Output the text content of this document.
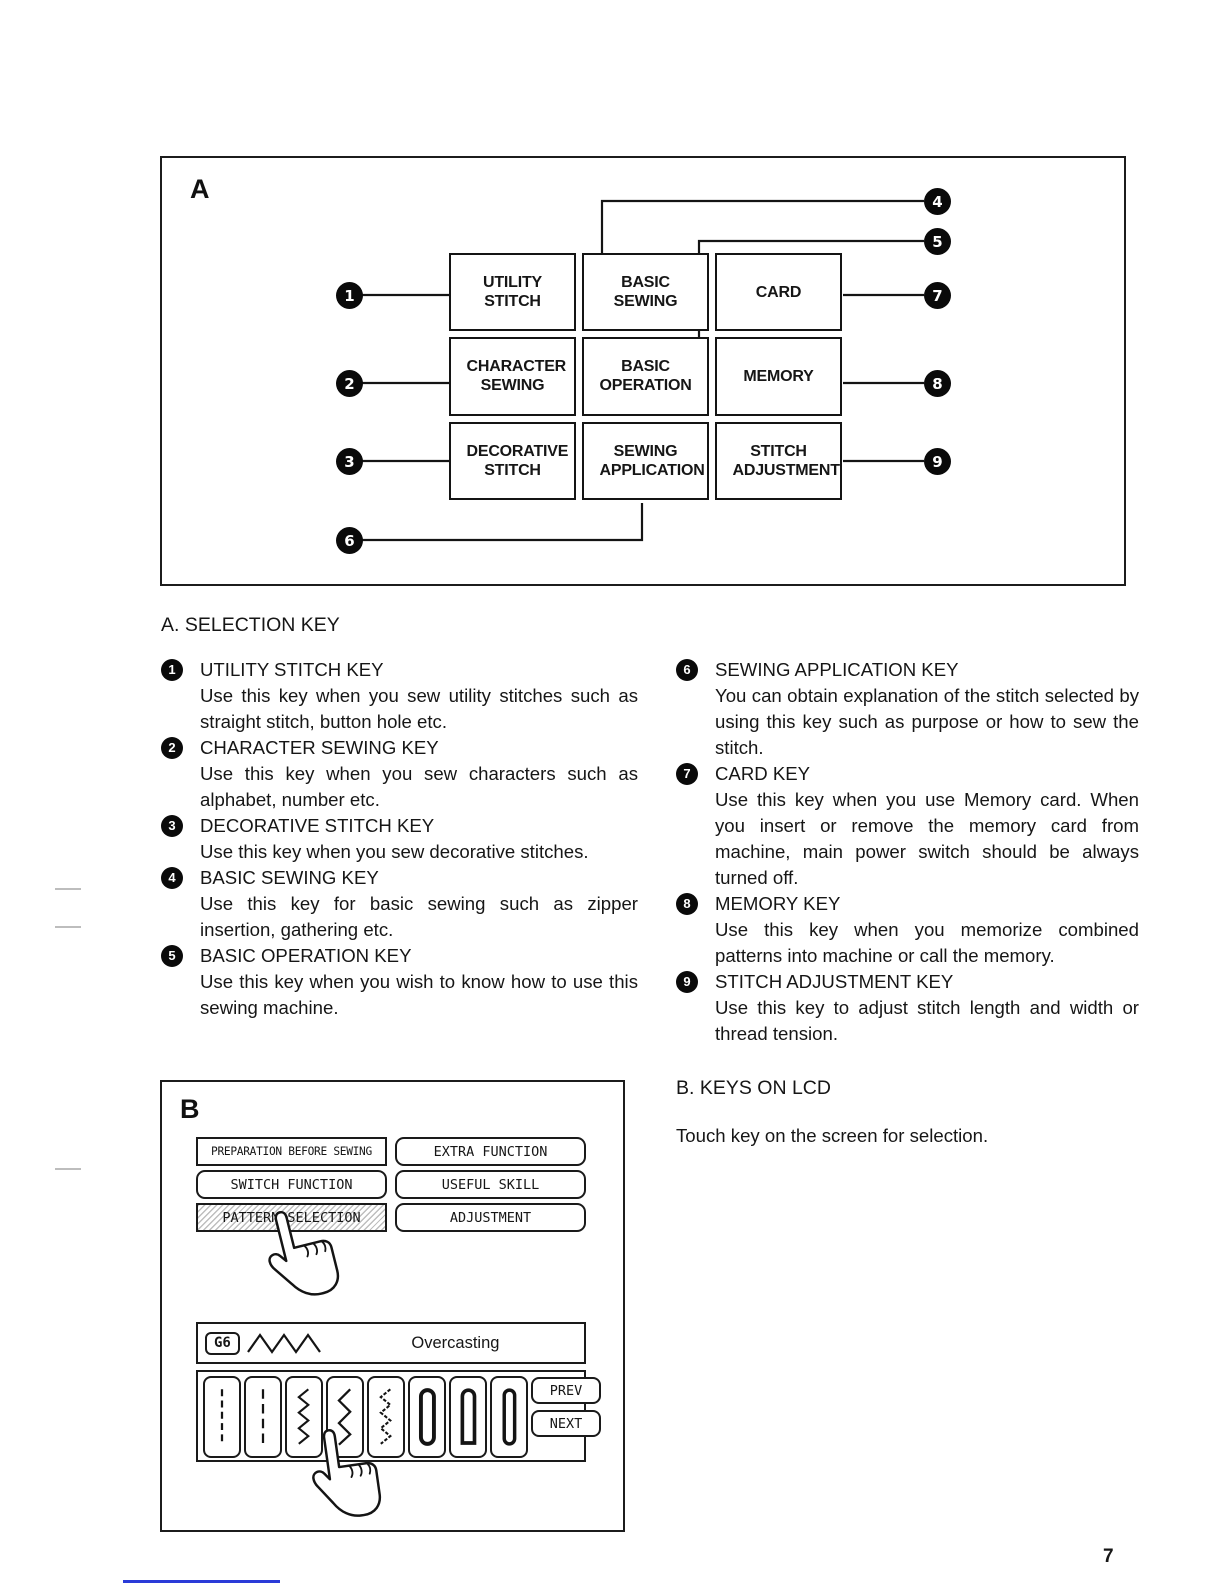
A
UTILITY STITCH
BASIC SEWING
CARD
CHARACTER SEWING
BASIC OPERATION
MEMORY
DECORATIVE STITCH
SEWING APPLICATION
STITCH ADJUSTMENT
1
2
3
4
5
6
7
8
9
A. SELECTION KEY
1	UTILITY STITCH KEY
Use this key when you sew utility stitches such as straight stitch, button hole etc.
2	CHARACTER SEWING KEY
Use this key when you sew characters such as alphabet, number etc.
3	DECORATIVE STITCH KEY
Use this key when you sew decorative stitches.
4	BASIC SEWING KEY
Use this key for basic sewing such as zipper insertion, gathering etc.
5	BASIC OPERATION KEY
Use this key when you wish to know how to use this sewing machine.
6	SEWING APPLICATION KEY
You can obtain explanation of the stitch selected by using this key such as purpose or how to sew the stitch.
7	CARD KEY
Use this key when you use Memory card. When you insert or remove the memory card from machine, main power switch should be always turned off.
8	MEMORY KEY
Use this key when you memorize combined patterns into machine or call the memory.
9	STITCH ADJUSTMENT KEY
Use this key to adjust stitch length and width or thread tension.
B
PREPARATION BEFORE SEWING	EXTRA FUNCTION
SWITCH FUNCTION	USEFUL SKILL
PATTERN SELECTION	ADJUSTMENT
G6	Overcasting
PREV
NEXT
B. KEYS ON LCD
Touch key on the screen for selection.
7
